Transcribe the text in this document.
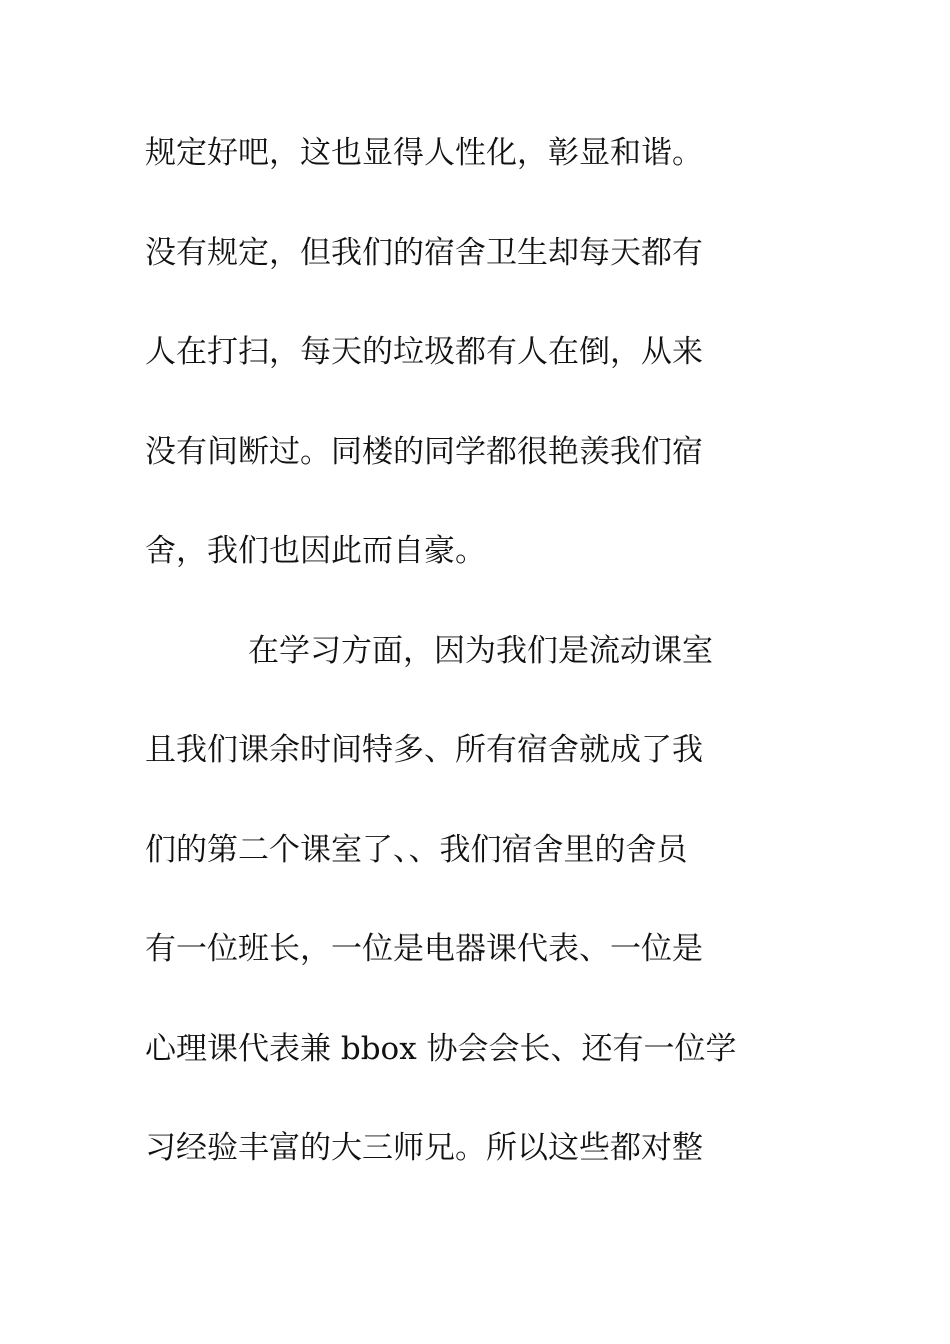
规定好吧，这也显得人性化，彰显和谐。
没有规定，但我们的宿舍卫生却每天都有
人在打扫，每天的垃圾都有人在倒，从来
没有间断过。同楼的同学都很艳羡我们宿
舍，我们也因此而自豪。
在学习方面，因为我们是流动课室
且我们课余时间特多、所有宿舍就成了我
们的第二个课室了、、我们宿舍里的舍员
有一位班长，一位是电器课代表、一位是
心理课代表兼 bbox 协会会长、还有一位学
习经验丰富的大三师兄。所以这些都对整
